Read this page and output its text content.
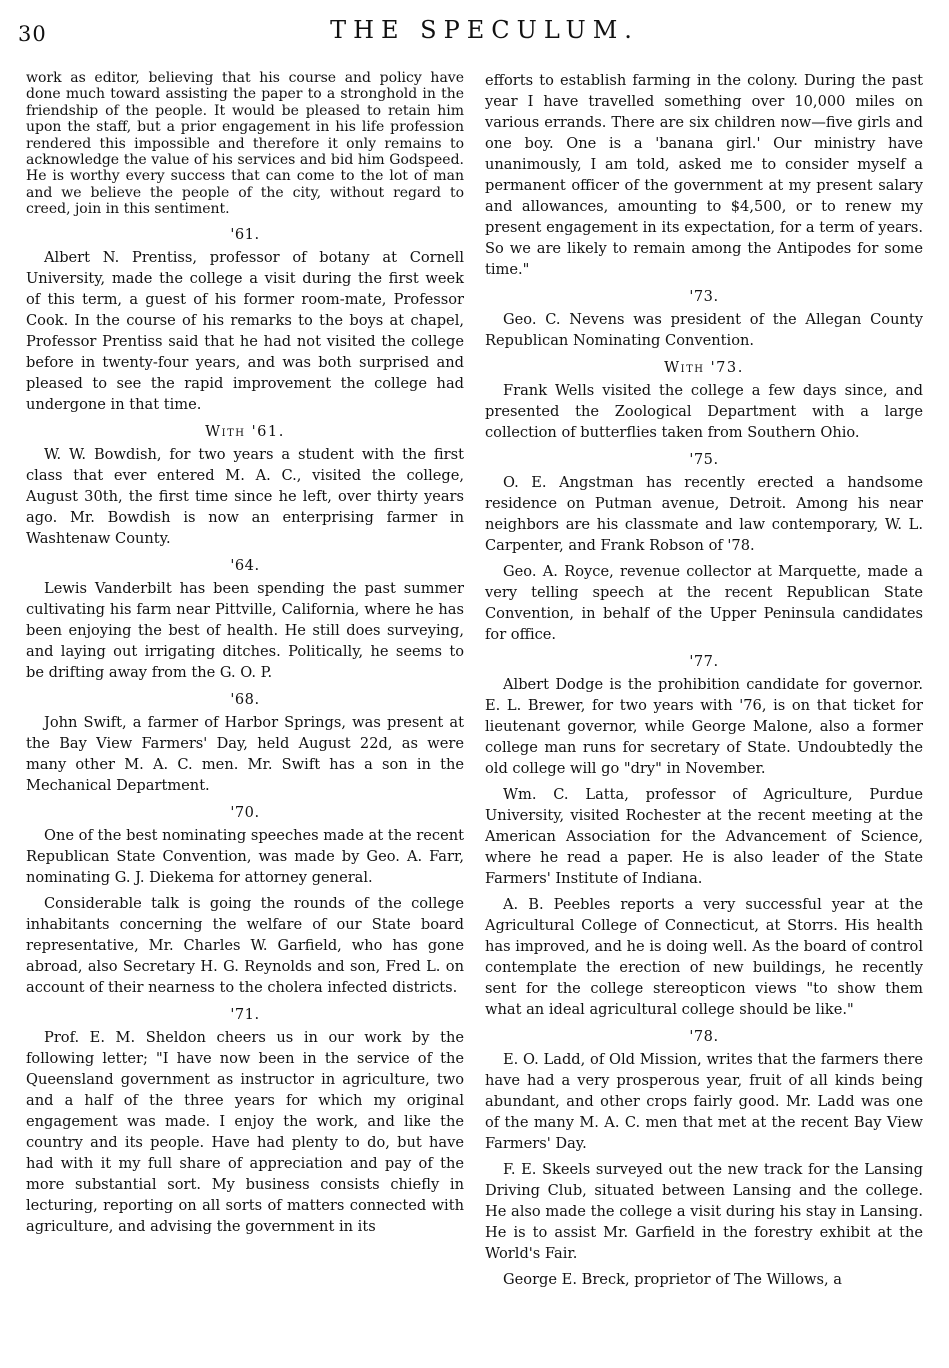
30	THE SPECULUM.

work as editor, believing that his course and policy have done much toward assisting the paper to a stronghold in the friendship of the people. It would be pleased to retain him upon the staff, but a prior engagement in his life profession rendered this impossible and therefore it only remains to acknowledge the value of his services and bid him Godspeed. He is worthy every success that can come to the lot of man and we believe the people of the city, without regard to creed, join in this sentiment.

'61.

Albert N. Prentiss, professor of botany at Cornell University, made the college a visit during the first week of this term, a guest of his former room-mate, Professor Cook. In the course of his remarks to the boys at chapel, Professor Prentiss said that he had not visited the college before in twenty-four years, and was both surprised and pleased to see the rapid improvement the college had undergone in that time.

With '61.

W. W. Bowdish, for two years a student with the first class that ever entered M. A. C., visited the college, August 30th, the first time since he left, over thirty years ago. Mr. Bowdish is now an enterprising farmer in Washtenaw County.

'64.

Lewis Vanderbilt has been spending the past summer cultivating his farm near Pittville, California, where he has been enjoying the best of health. He still does surveying, and laying out irrigating ditches. Politically, he seems to be drifting away from the G. O. P.

'68.

John Swift, a farmer of Harbor Springs, was present at the Bay View Farmers' Day, held August 22d, as were many other M. A. C. men. Mr. Swift has a son in the Mechanical Department.

'70.

One of the best nominating speeches made at the recent Republican State Convention, was made by Geo. A. Farr, nominating G. J. Diekema for attorney general.

Considerable talk is going the rounds of the college inhabitants concerning the welfare of our State board representative, Mr. Charles W. Garfield, who has gone abroad, also Secretary H. G. Reynolds and son, Fred L. on account of their nearness to the cholera infected districts.

'71.

Prof. E. M. Sheldon cheers us in our work by the following letter; "I have now been in the service of the Queensland government as instructor in agriculture, two and a half of the three years for which my original engagement was made. I enjoy the work, and like the country and its people. Have had plenty to do, but have had with it my full share of appreciation and pay of the more substantial sort. My business consists chiefly in lecturing, reporting on all sorts of matters connected with agriculture, and advising the government in its

efforts to establish farming in the colony. During the past year I have travelled something over 10,000 miles on various errands. There are six children now—five girls and one boy. One is a 'banana girl.' Our ministry have unanimously, I am told, asked me to consider myself a permanent officer of the government at my present salary and allowances, amounting to $4,500, or to renew my present engagement in its expectation, for a term of years. So we are likely to remain among the Antipodes for some time."

'73.

Geo. C. Nevens was president of the Allegan County Republican Nominating Convention.

With '73.

Frank Wells visited the college a few days since, and presented the Zoological Department with a large collection of butterflies taken from Southern Ohio.

'75.

O. E. Angstman has recently erected a handsome residence on Putman avenue, Detroit. Among his near neighbors are his classmate and law contemporary, W. L. Carpenter, and Frank Robson of '78.

Geo. A. Royce, revenue collector at Marquette, made a very telling speech at the recent Republican State Convention, in behalf of the Upper Peninsula candidates for office.

'77.

Albert Dodge is the prohibition candidate for governor. E. L. Brewer, for two years with '76, is on that ticket for lieutenant governor, while George Malone, also a former college man runs for secretary of State. Undoubtedly the old college will go "dry" in November.

Wm. C. Latta, professor of Agriculture, Purdue University, visited Rochester at the recent meeting at the American Association for the Advancement of Science, where he read a paper. He is also leader of the State Farmers' Institute of Indiana.

A. B. Peebles reports a very successful year at the Agricultural College of Connecticut, at Storrs. His health has improved, and he is doing well. As the board of control contemplate the erection of new buildings, he recently sent for the college stereopticon views "to show them what an ideal agricultural college should be like."

'78.

E. O. Ladd, of Old Mission, writes that the farmers there have had a very prosperous year, fruit of all kinds being abundant, and other crops fairly good. Mr. Ladd was one of the many M. A. C. men that met at the recent Bay View Farmers' Day.

F. E. Skeels surveyed out the new track for the Lansing Driving Club, situated between Lansing and the college. He also made the college a visit during his stay in Lansing. He is to assist Mr. Garfield in the forestry exhibit at the World's Fair.

George E. Breck, proprietor of The Willows, a
